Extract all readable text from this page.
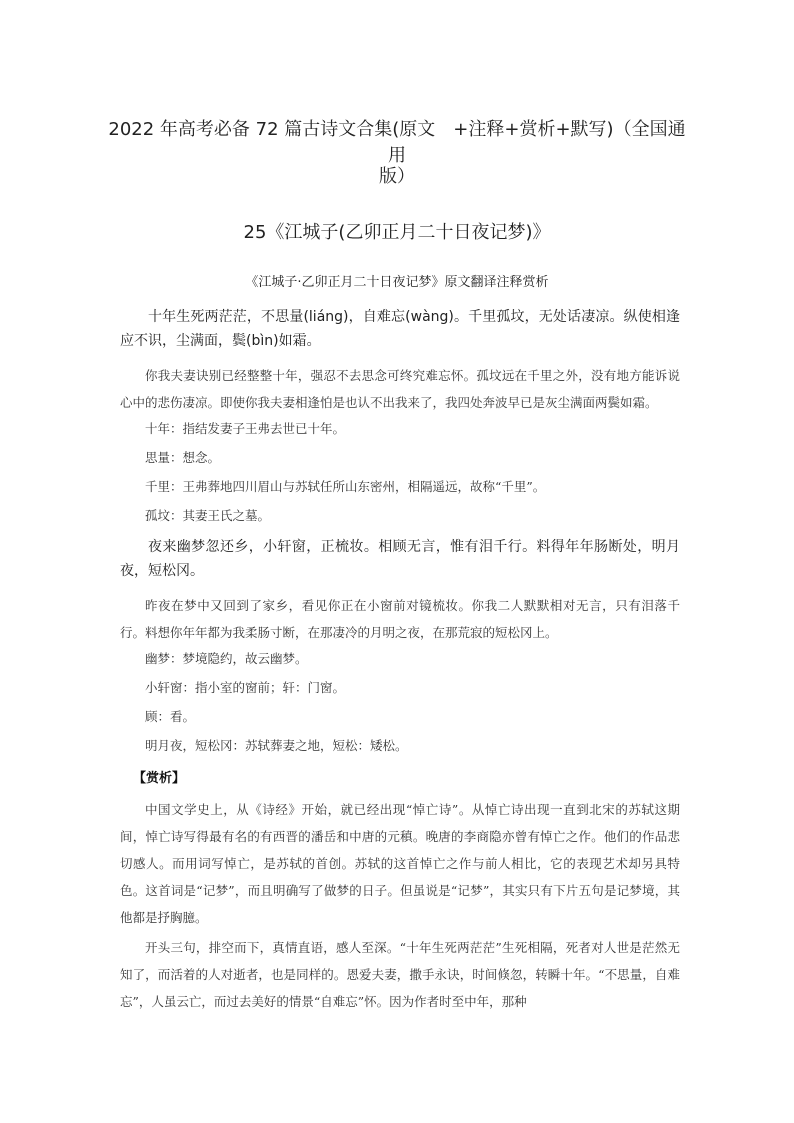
2022 年高考必备 72 篇古诗文合集(原文　+注释+赏析+默写)（全国通用
版）
25《江城子(乙卯正月二十日夜记梦)》
《江城子·乙卯正月二十日夜记梦》原文翻译注释赏析

十年生死两茫茫，不思量(liáng)，自难忘(wàng)。千里孤坟，无处话凄凉。纵使相逢应不识，尘满面，鬓(bìn)如霜。

你我夫妻诀别已经整整十年，强忍不去思念可终究难忘怀。孤坟远在千里之外，没有地方能诉说心中的悲伤凄凉。即使你我夫妻相逢怕是也认不出我来了，我四处奔波早已是灰尘满面两鬓如霜。

十年：指结发妻子王弗去世已十年。

思量：想念。

千里：王弗葬地四川眉山与苏轼任所山东密州，相隔遥远，故称“千里”。

孤坟：其妻王氏之墓。

夜来幽梦忽还乡，小轩窗，正梳妆。相顾无言，惟有泪千行。料得年年肠断处，明月夜，短松冈。

昨夜在梦中又回到了家乡，看见你正在小窗前对镜梳妆。你我二人默默相对无言，只有泪落千行。料想你年年都为我柔肠寸断，在那凄冷的月明之夜，在那荒寂的短松冈上。

幽梦：梦境隐约，故云幽梦。

小轩窗：指小室的窗前；轩：门窗。

顾：看。

明月夜，短松冈：苏轼葬妻之地，短松：矮松。

【赏析】

中国文学史上，从《诗经》开始，就已经出现“悼亡诗”。从悼亡诗出现一直到北宋的苏轼这期间，悼亡诗写得最有名的有西晋的潘岳和中唐的元稹。晚唐的李商隐亦曾有悼亡之作。他们的作品悲切感人。而用词写悼亡，是苏轼的首创。苏轼的这首悼亡之作与前人相比，它的表现艺术却另具特色。这首词是“记梦”，而且明确写了做梦的日子。但虽说是“记梦”，其实只有下片五句是记梦境，其他都是抒胸臆。

开头三句，排空而下，真情直语，感人至深。“十年生死两茫茫”生死相隔，死者对人世是茫然无知了，而活着的人对逝者，也是同样的。恩爱夫妻，撒手永诀，时间倏忽，转瞬十年。“不思量，自难忘”，人虽云亡，而过去美好的情景“自难忘”怀。因为作者时至中年，那种
